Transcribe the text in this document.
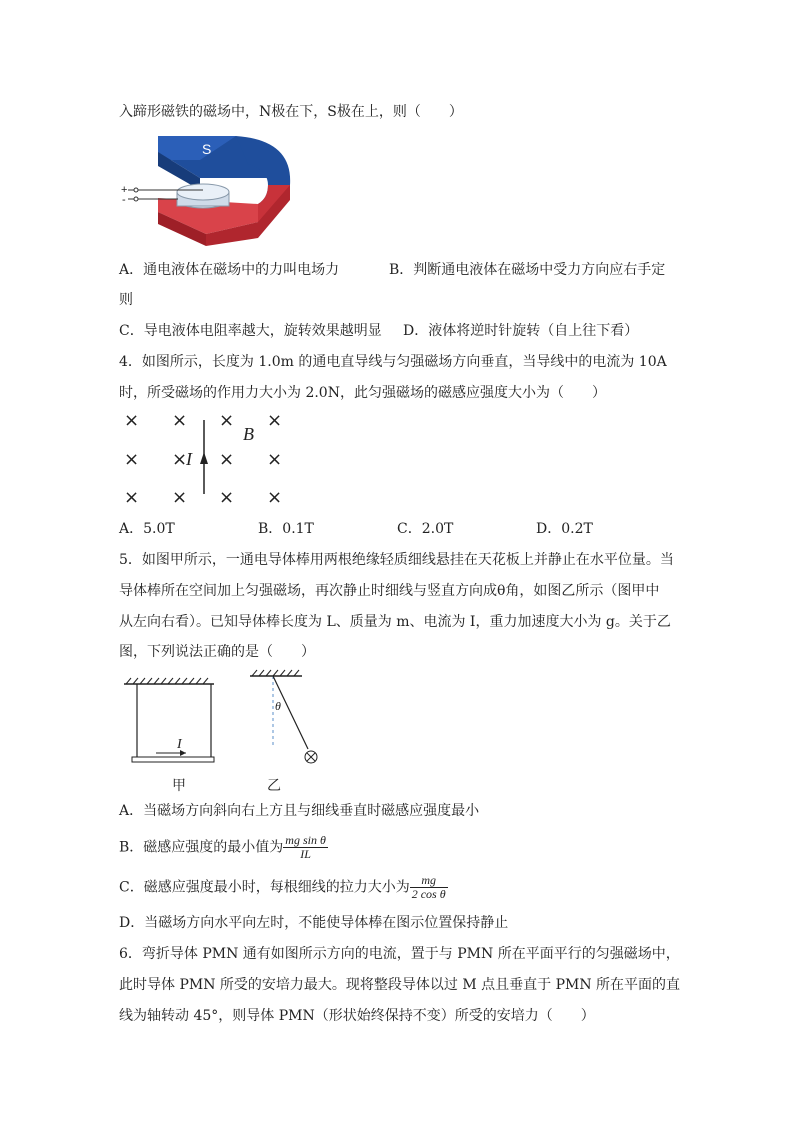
入蹄形磁铁的磁场中，N极在下，S极在上，则（　　）
S
+
-
A．通电液体在磁场中的力叫电场力	B．判断通电液体在磁场中受力方向应右手定
则
C．导电液体电阻率越大，旋转效果越明显 D．液体将逆时针旋转（自上往下看）
4．如图所示，长度为 1.0m 的通电直导线与匀强磁场方向垂直，当导线中的电流为 10A
时，所受磁场的作用力大小为 2.0N，此匀强磁场的磁感应强度大小为（　　）
× × × ×
× × × ×
× × × ×
B
I
A．5.0T	B．0.1T	C．2.0T	D．0.2T
5．如图甲所示，一通电导体棒用两根绝缘轻质细线悬挂在天花板上并静止在水平位量。当
导体棒所在空间加上匀强磁场，再次静止时细线与竖直方向成θ角，如图乙所示（图甲中
从左向右看）。已知导体棒长度为 L、质量为 m、电流为 I，重力加速度大小为 g。关于乙
图，下列说法正确的是（　　）
I
甲
θ
乙
A．当磁场方向斜向右上方且与细线垂直时磁感应强度最小
B．磁感应强度的最小值为 $\frac{\text{mg sin θ}}{IL}$
C．磁感应强度最小时，每根细线的拉力大小为 $\frac{mg}{\text{2 cos θ}}$
D．当磁场方向水平向左时，不能使导体棒在图示位置保持静止
6．弯折导体 PMN 通有如图所示方向的电流，置于与 PMN 所在平面平行的匀强磁场中，
此时导体 PMN 所受的安培力最大。现将整段导体以过 M 点且垂直于 PMN 所在平面的直
线为轴转动 45°，则导体 PMN（形状始终保持不变）所受的安培力（　　）
